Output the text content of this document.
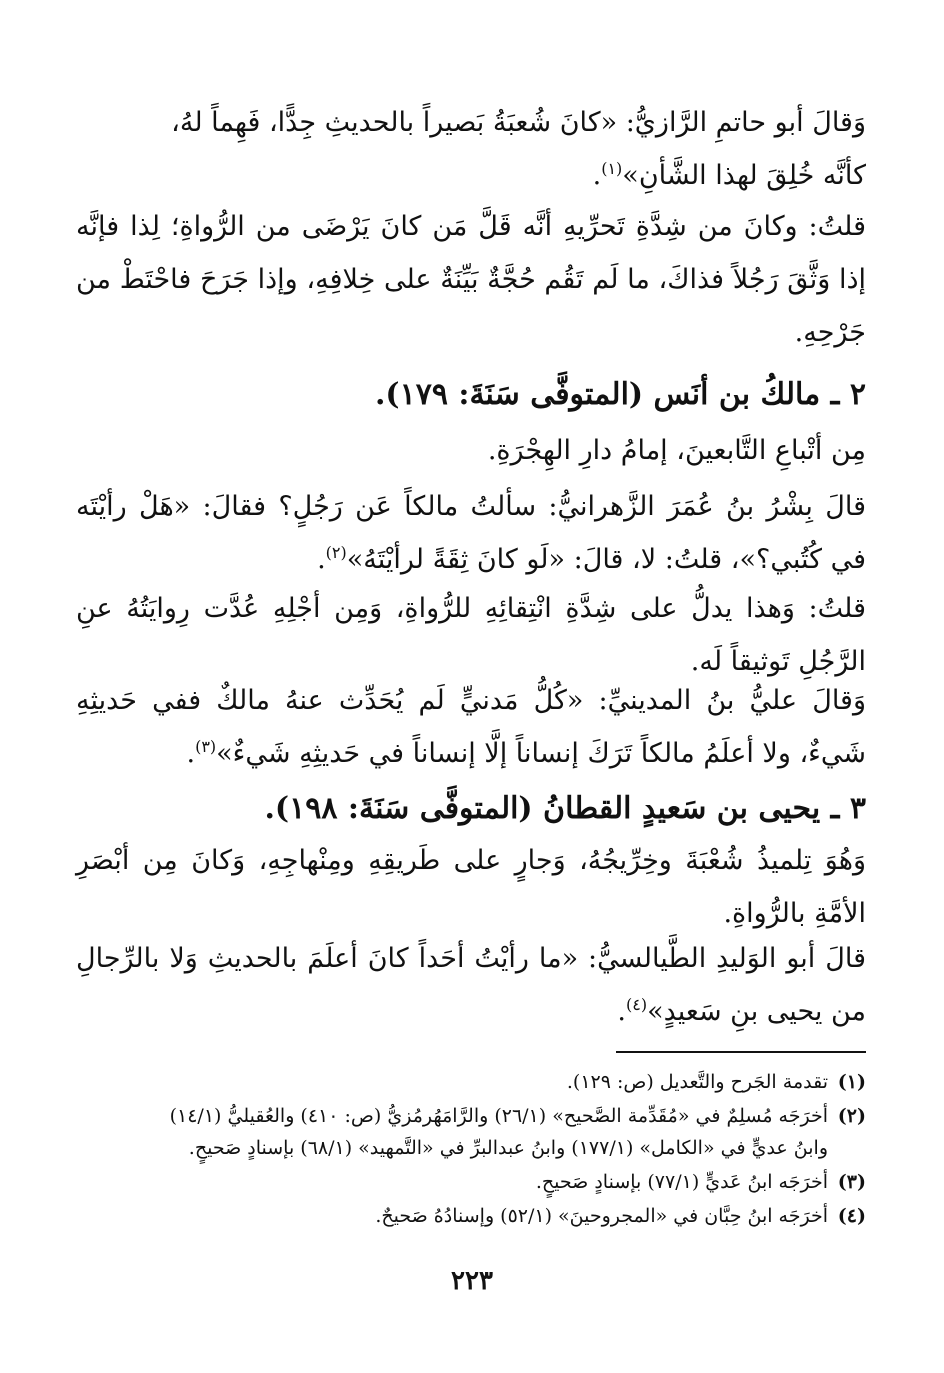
وَقالَ أبو حاتمِ الرَّازيُّ: «كانَ شُعبَةُ بَصيراً بالحديثِ جِدًّا، فَهِماً لهُ،
كأنَّه خُلِقَ لهذا الشَّأنِ»$^{(١)}$.
قلتُ: وكانَ من شِدَّةِ تَحرِّيهِ أنَّه قَلَّ مَن كانَ يَرْضَى من الرُّواةِ؛ لِذا فإنَّه إذا وَثَّقَ رَجُلاً فذاكَ، ما لَم تَقُم حُجَّةٌ بَيِّنَةٌ على خِلافِهِ، وإذا جَرَحَ فاحْتَطْ من جَرْحِهِ.
٢ ـ مالكُ بن أنَس (المتوفَّى سَنَةَ: ١٧٩).
مِن أتْباعِ التَّابعينَ، إمامُ دارِ الهِجْرَةِ.
قالَ بِشْرُ بنُ عُمَرَ الزَّهرانيُّ: سألتُ مالكاً عَن رَجُلٍ؟ فقالَ: «هَلْ رأيْتَه في كُتُبي؟»، قلتُ: لا، قالَ: «لَو كانَ ثِقَةً لرأيْتَهُ»$^{(٢)}$.
قلتُ: وَهذا يدلُّ على شِدَّةِ انْتِقائِهِ للرُّواةِ، وَمِن أجْلِهِ عُدَّت رِوايَتُهُ عنِ الرَّجُلِ تَوثيقاً لَه.
وَقالَ عليُّ بنُ المدينيِّ: «كُلُّ مَدنيٍّ لَم يُحَدِّث عنهُ مالكٌ ففي حَديثِهِ شَيءٌ، ولا أعلَمُ مالكاً تَرَكَ إنساناً إلَّا إنساناً في حَديثِهِ شَيءٌ»$^{(٣)}$.
٣ ـ يحيى بن سَعيدٍ القطانُ (المتوفَّى سَنَةَ: ١٩٨).
وَهُوَ تِلميذُ شُعْبَةَ وخِرِّيجُهُ، وَجارٍ على طَريقِهِ ومِنْهاجِهِ، وَكانَ مِن أبْصَرِ الأمَّةِ بالرُّواةِ.
قالَ أبو الوَليدِ الطَّيالسيُّ: «ما رأيْتُ أحَداً كانَ أعلَمَ بالحديثِ وَلا بالرِّجالِ من يحيى بنِ سَعيدٍ»$^{(٤)}$.
(١)تقدمة الجَرح والتَّعديل (ص: ١٢٩).
(٢)أخرَجَه مُسلِمٌ في «مُقَدِّمة الصَّحيح» (٢٦/١) والرَّامَهُرمُزيُّ (ص: ٤١٠) والعُقيليُّ (١٤/١)
وابنُ عديٍّ في «الكامل» (١٧٧/١) وابنُ عبدالبرِّ في «التَّمهيد» (٦٨/١) بإسنادٍ صَحيحٍ.
(٣)أخرَجَه ابنُ عَديٍّ (٧٧/١) بإسنادٍ صَحيحٍ.
(٤)أخرَجَه ابنُ حِبَّان في «المجروحينَ» (٥٢/١) وإسنادُهُ صَحيحٌ.
٢٢٣
